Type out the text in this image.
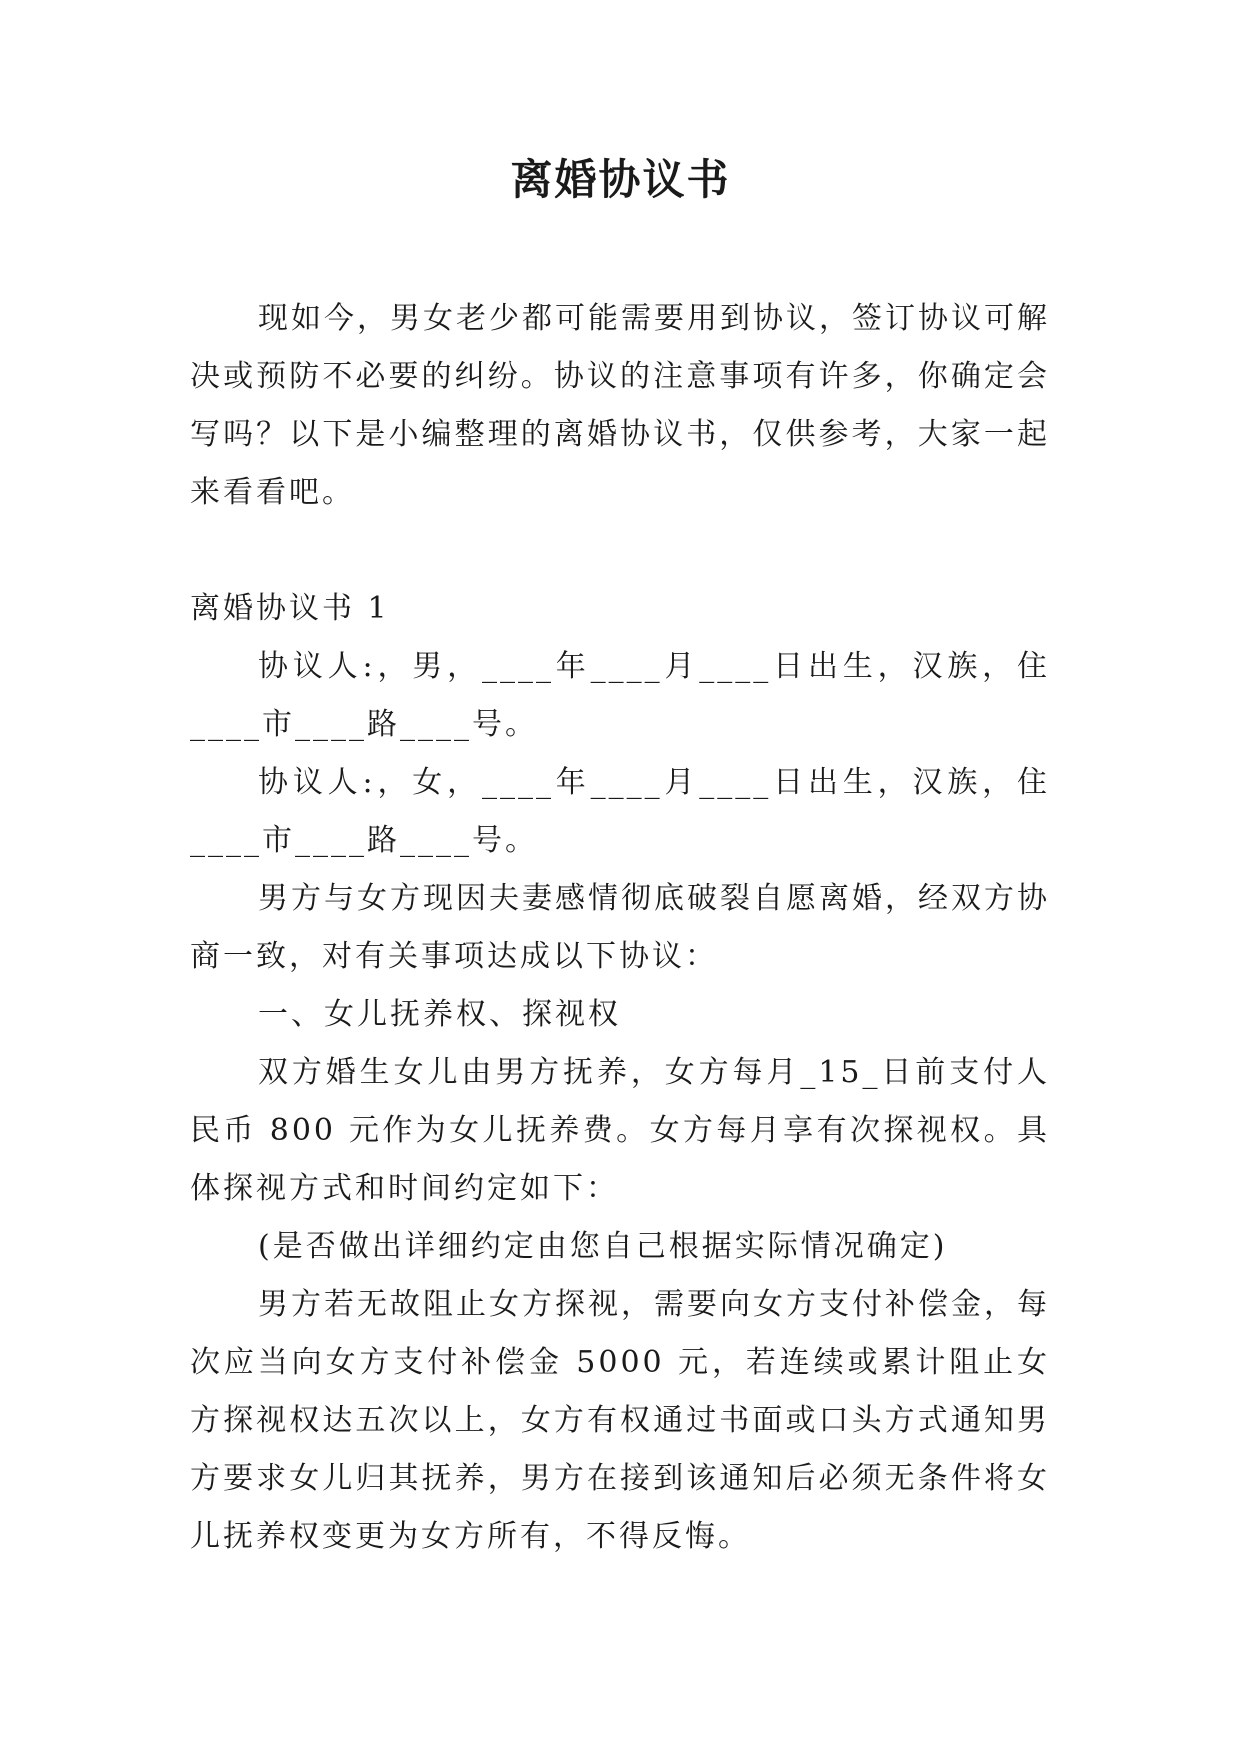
离婚协议书

现如今，男女老少都可能需要用到协议，签订协议可解决或预防不必要的纠纷。协议的注意事项有许多，你确定会写吗？以下是小编整理的离婚协议书，仅供参考，大家一起来看看吧。

离婚协议书 1

协议人:，男，____年____月____日出生，汉族，住____市____路____号。

协议人:，女，____年____月____日出生，汉族，住____市____路____号。

男方与女方现因夫妻感情彻底破裂自愿离婚，经双方协商一致，对有关事项达成以下协议：

一、女儿抚养权、探视权

双方婚生女儿由男方抚养，女方每月_15_日前支付人民币 800 元作为女儿抚养费。女方每月享有次探视权。具体探视方式和时间约定如下：

(是否做出详细约定由您自己根据实际情况确定)

男方若无故阻止女方探视，需要向女方支付补偿金，每次应当向女方支付补偿金 5000 元，若连续或累计阻止女方探视权达五次以上，女方有权通过书面或口头方式通知男方要求女儿归其抚养，男方在接到该通知后必须无条件将女儿抚养权变更为女方所有，不得反悔。
